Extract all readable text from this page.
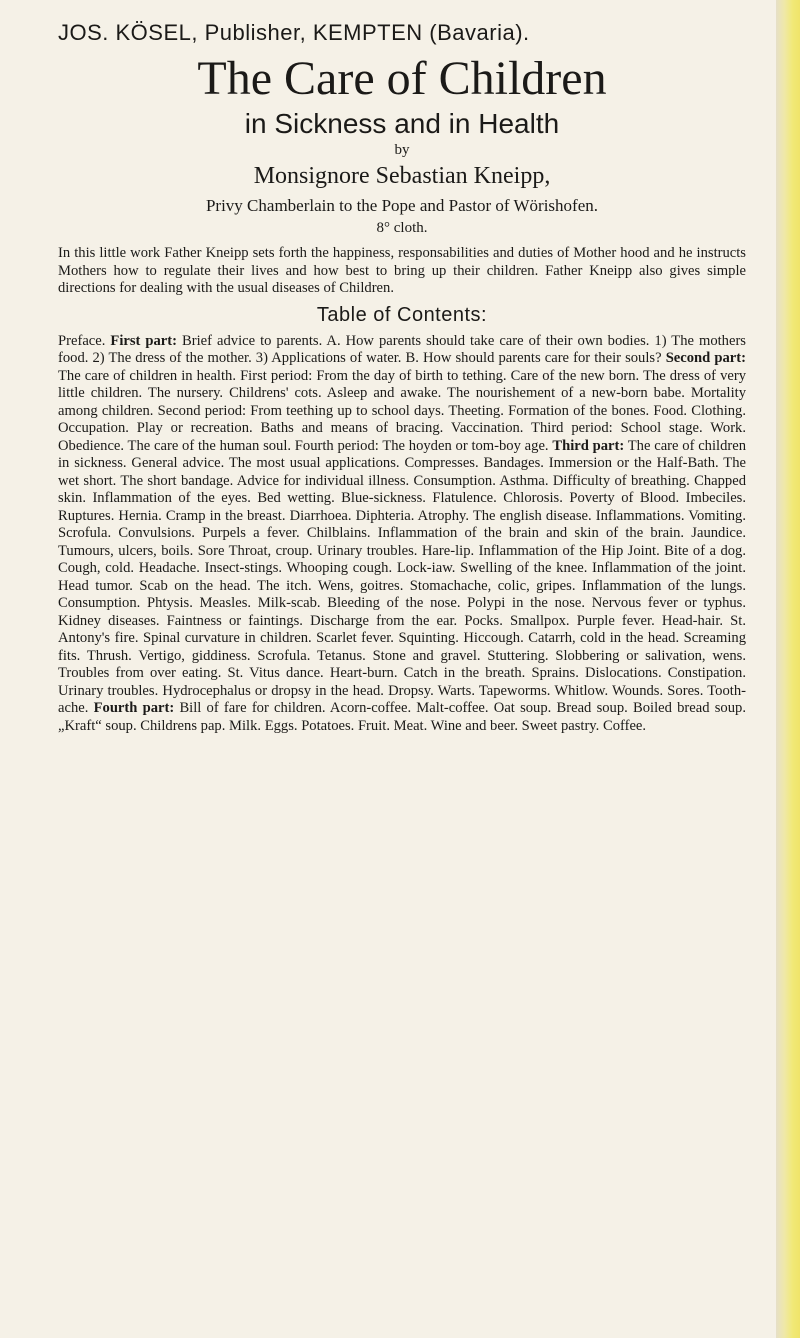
JOS. KÖSEL, Publisher, KEMPTEN (Bavaria).
The Care of Children
in Sickness and in Health
by
Monsignore Sebastian Kneipp,
Privy Chamberlain to the Pope and Pastor of Wörishofen.
8° cloth.

In this little work Father Kneipp sets forth the happiness, responsabilities and duties of Mother hood and he instructs Mothers how to regulate their lives and how best to bring up their children. Father Kneipp also gives simple directions for dealing with the usual diseases of Children.

Table of Contents:

Preface. First part: Brief advice to parents. A. How parents should take care of their own bodies. 1) The mothers food. 2) The dress of the mother. 3) Applications of water. B. How should parents care for their souls? Second part: The care of children in health. First period: From the day of birth to tething. Care of the new born. The dress of very little children. The nursery. Childrens' cots. Asleep and awake. The nourishement of a new-born babe. Mortality among children. Second period: From teething up to school days. Theeting. Formation of the bones. Food. Clothing. Occupation. Play or recreation. Baths and means of bracing. Vaccination. Third period: School stage. Work. Obedience. The care of the human soul. Fourth period: The hoyden or tom-boy age. Third part: The care of children in sickness. General advice. The most usual applications. Compresses. Bandages. Immersion or the Half-Bath. The wet short. The short bandage. Advice for individual illness. Consumption. Asthma. Difficulty of breathing. Chapped skin. Inflammation of the eyes. Bed wetting. Blue-sickness. Flatulence. Chlorosis. Poverty of Blood. Imbeciles. Ruptures. Hernia. Cramp in the breast. Diarrhoea. Diphteria. Atrophy. The english disease. Inflammations. Vomiting. Scrofula. Convulsions. Purpels a fever. Chilblains. Inflammation of the brain and skin of the brain. Jaundice. Tumours, ulcers, boils. Sore Throat, croup. Urinary troubles. Hare-lip. Inflammation of the Hip Joint. Bite of a dog. Cough, cold. Headache. Insect-stings. Whooping cough. Lock-iaw. Swelling of the knee. Inflammation of the joint. Head tumor. Scab on the head. The itch. Wens, goitres. Stomachache, colic, gripes. Inflammation of the lungs. Consumption. Phtysis. Measles. Milk-scab. Bleeding of the nose. Polypi in the nose. Nervous fever or typhus. Kidney diseases. Faintness or faintings. Discharge from the ear. Pocks. Smallpox. Purple fever. Head-hair. St. Antony's fire. Spinal curvature in children. Scarlet fever. Squinting. Hiccough. Catarrh, cold in the head. Screaming fits. Thrush. Vertigo, giddiness. Scrofula. Tetanus. Stone and gravel. Stuttering. Slobbering or salivation, wens. Troubles from over eating. St. Vitus dance. Heart-burn. Catch in the breath. Sprains. Dislocations. Constipation. Urinary troubles. Hydrocephalus or dropsy in the head. Dropsy. Warts. Tapeworms. Whitlow. Wounds. Sores. Tooth-ache. Fourth part: Bill of fare for children. Acorn-coffee. Malt-coffee. Oat soup. Bread soup. Boiled bread soup. „Kraft“ soup. Childrens pap. Milk. Eggs. Potatoes. Fruit. Meat. Wine and beer. Sweet pastry. Coffee.
